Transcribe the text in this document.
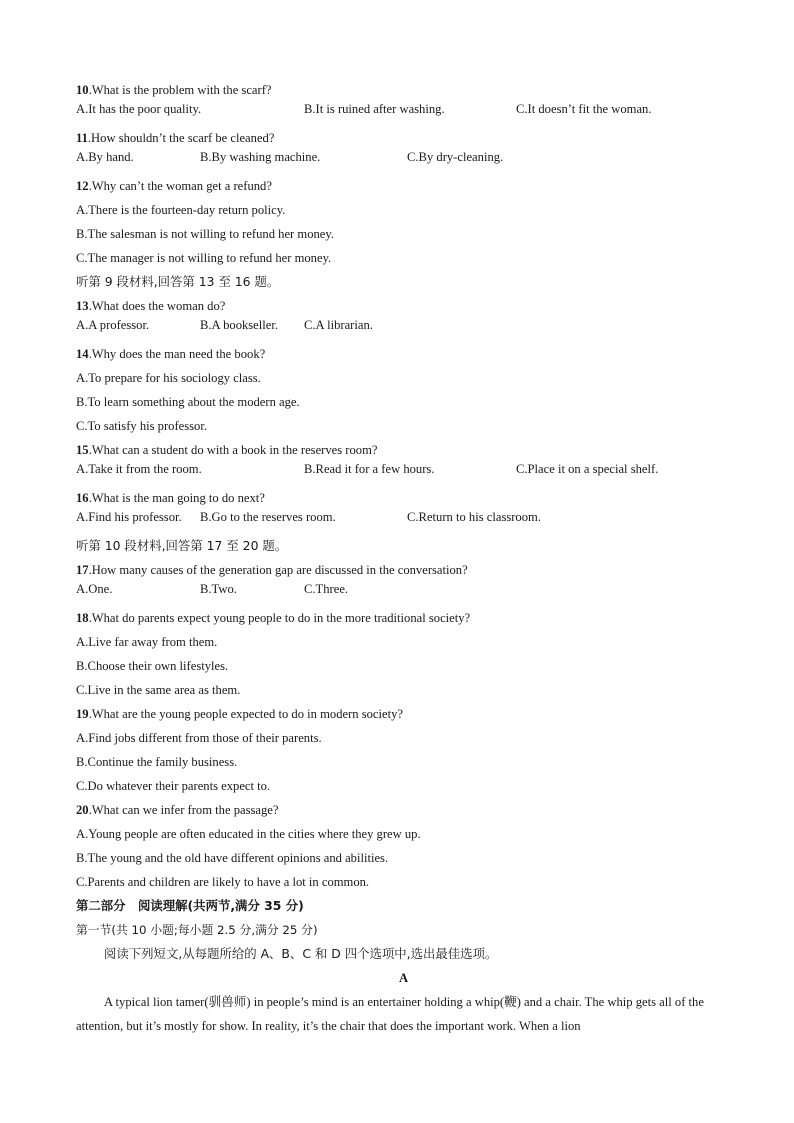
10.What is the problem with the scarf?
A.It has the poor quality.	B.It is ruined after washing.	C.It doesn’t fit the woman.
11.How shouldn’t the scarf be cleaned?
A.By hand.	B.By washing machine.	C.By dry-cleaning.
12.Why can’t the woman get a refund?
A.There is the fourteen-day return policy.
B.The salesman is not willing to refund her money.
C.The manager is not willing to refund her money.
听第 9 段材料,回答第 13 至 16 题。
13.What does the woman do?
A.A professor.	B.A bookseller. C.A librarian.
14.Why does the man need the book?
A.To prepare for his sociology class.
B.To learn something about the modern age.
C.To satisfy his professor.
15.What can a student do with a book in the reserves room?
A.Take it from the room.	B.Read it for a few hours.	C.Place it on a special shelf.
16.What is the man going to do next?
A.Find his professor. B.Go to the reserves room.	C.Return to his classroom.
听第 10 段材料,回答第 17 至 20 题。
17.How many causes of the generation gap are discussed in the conversation?
A.One.	B.Two.	C.Three.
18.What do parents expect young people to do in the more traditional society?
A.Live far away from them.
B.Choose their own lifestyles.
C.Live in the same area as them.
19.What are the young people expected to do in modern society?
A.Find jobs different from those of their parents.
B.Continue the family business.
C.Do whatever their parents expect to.
20.What can we infer from the passage?
A.Young people are often educated in the cities where they grew up.
B.The young and the old have different opinions and abilities.
C.Parents and children are likely to have a lot in common.
第二部分　阅读理解(共两节,满分 35 分)
第一节(共 10 小题;每小题 2.5 分,满分 25 分)
阅读下列短文,从每题所给的 A、B、C 和 D 四个选项中,选出最佳选项。
A
A typical lion tamer(驯兽师) in people’s mind is an entertainer holding a whip(鞭) and a chair. The whip gets all of the attention, but it’s mostly for show. In reality, it’s the chair that does the important work. When a lion
